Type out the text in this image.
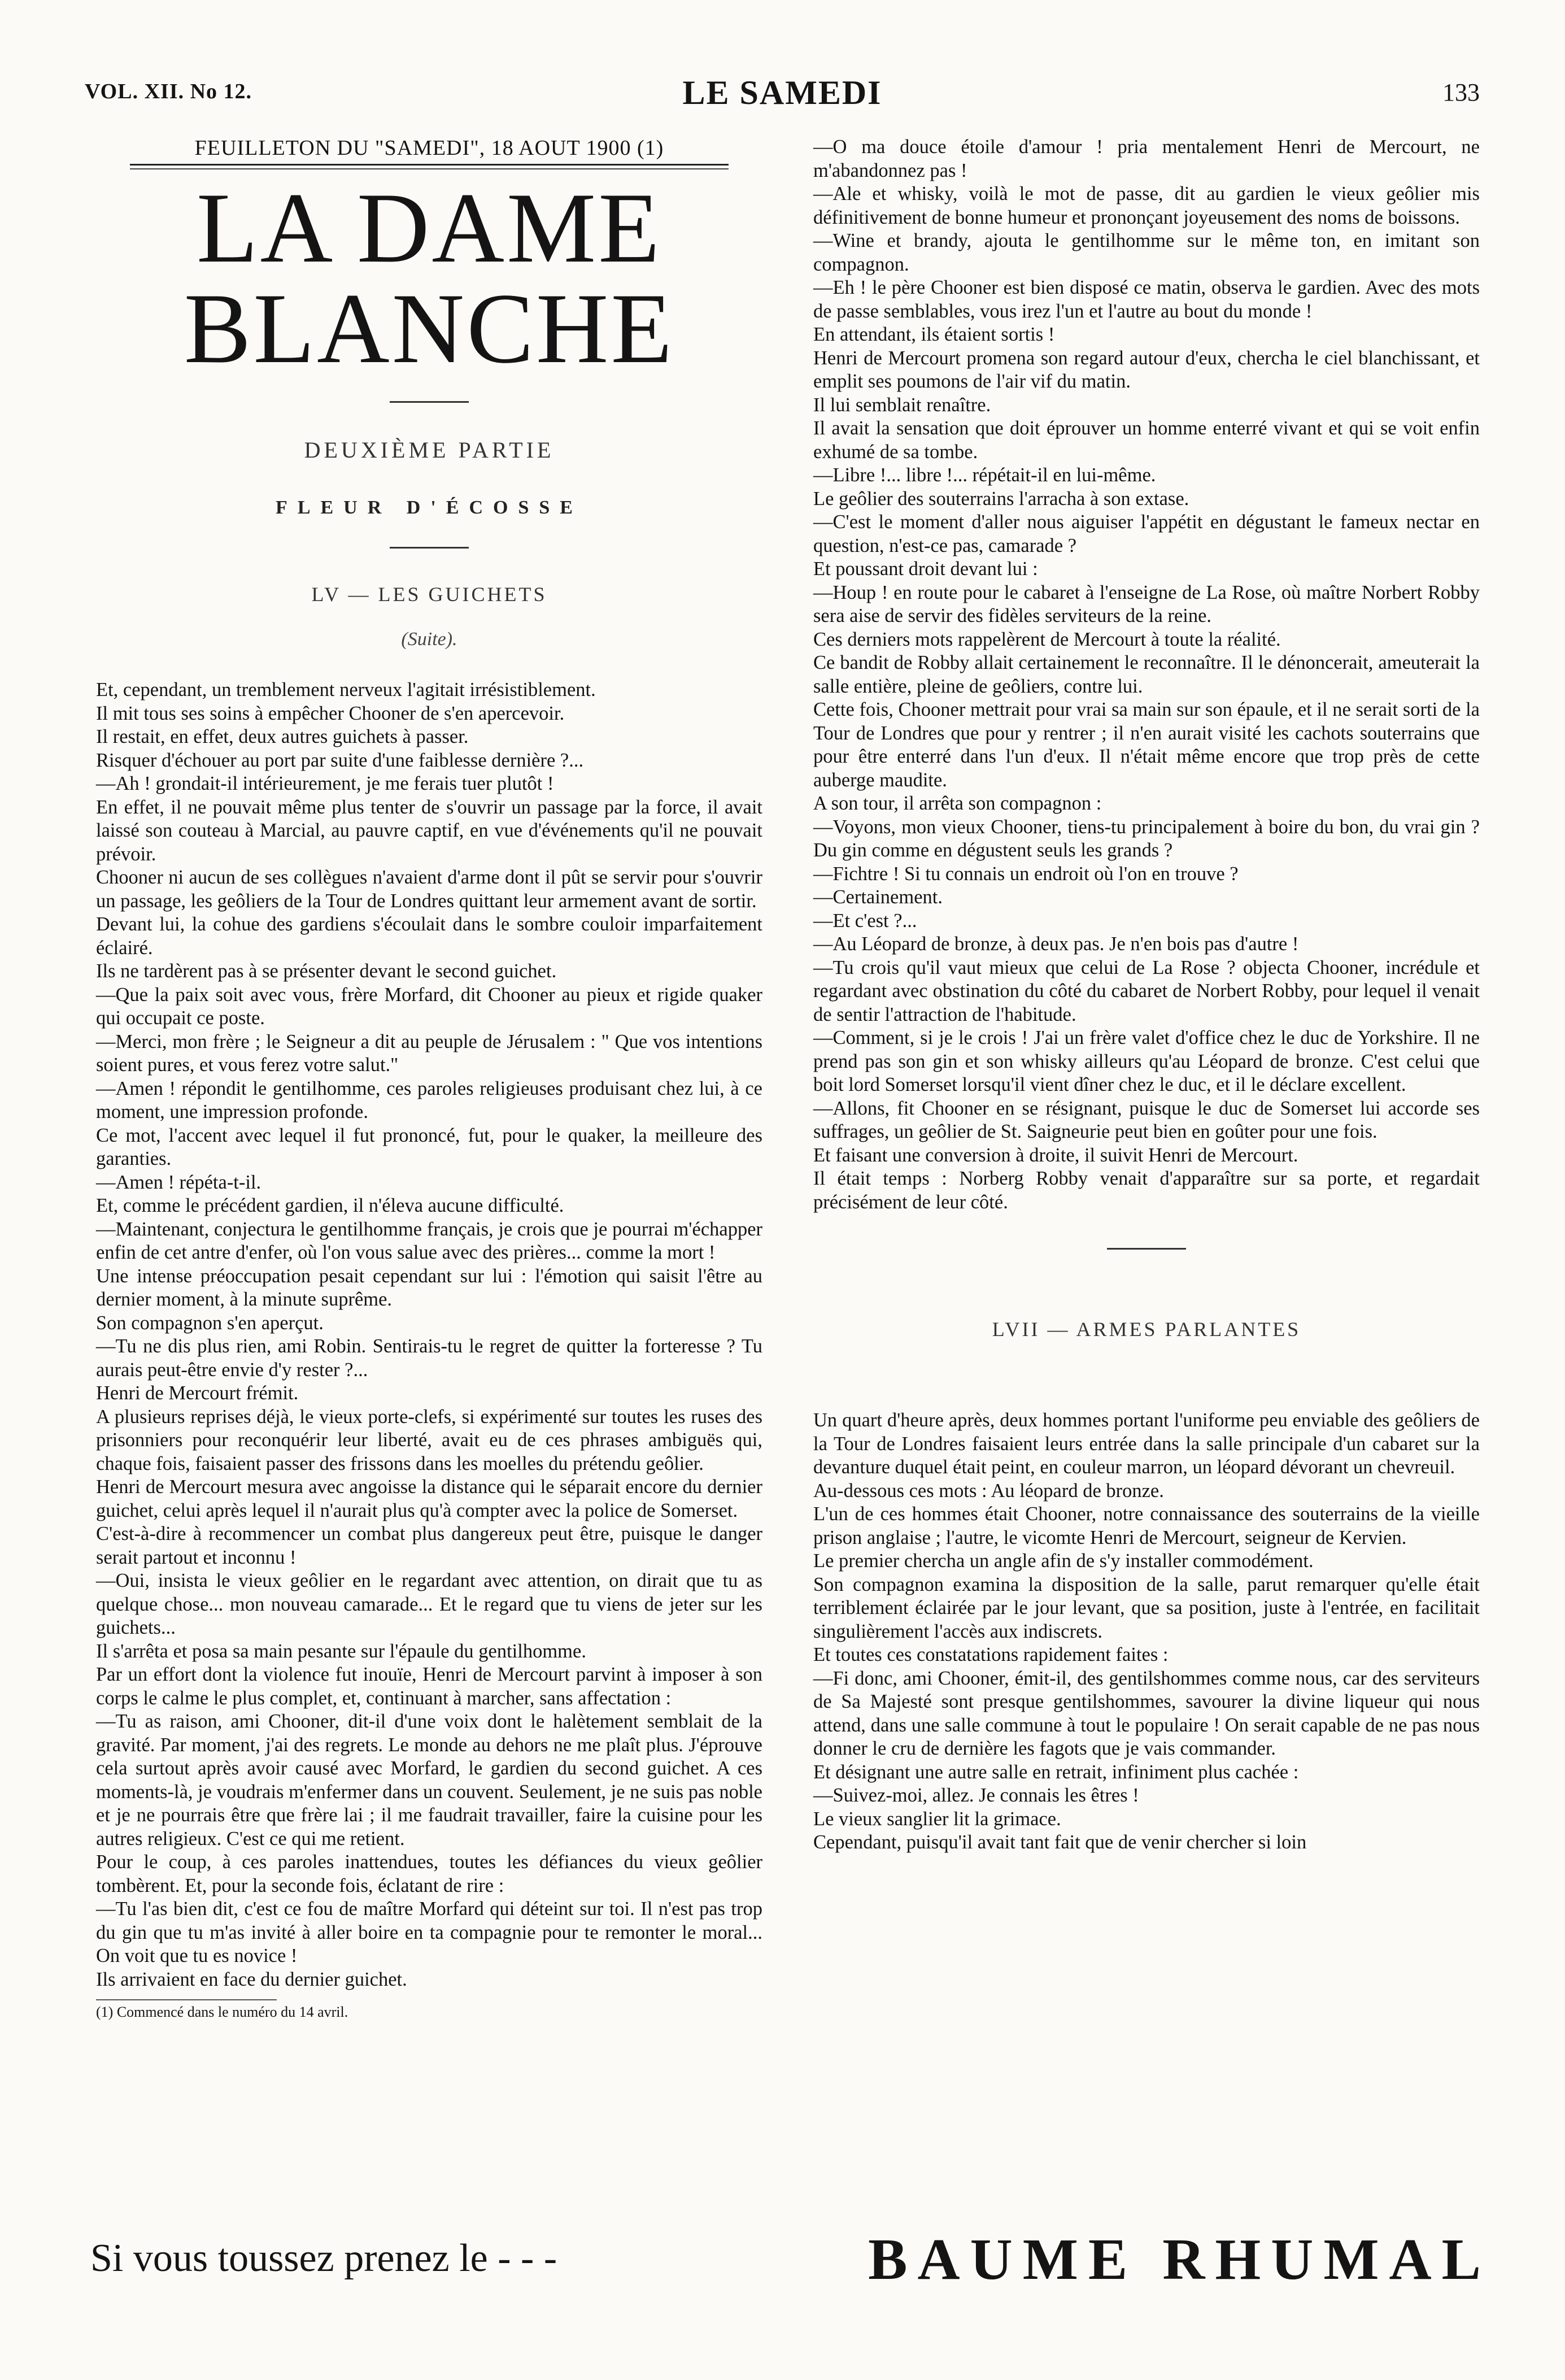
VOL. XII. No 12.	LE SAMEDI	133
FEUILLETON DU "SAMEDI", 18 AOUT 1900 (1)
LA DAME BLANCHE
DEUXIÈME PARTIE
FLEUR D'ÉCOSSE
LV — LES GUICHETS
(Suite).

Et, cependant, un tremblement nerveux l'agitait irrésistiblement.

Il mit tous ses soins à empêcher Chooner de s'en apercevoir.

Il restait, en effet, deux autres guichets à passer.

Risquer d'échouer au port par suite d'une faiblesse dernière ?...

—Ah ! grondait-il intérieurement, je me ferais tuer plutôt !

En effet, il ne pouvait même plus tenter de s'ouvrir un passage par la force, il avait laissé son couteau à Marcial, au pauvre captif, en vue d'événements qu'il ne pouvait prévoir.

Chooner ni aucun de ses collègues n'avaient d'arme dont il pût se servir pour s'ouvrir un passage, les geôliers de la Tour de Londres quittant leur armement avant de sortir.

Devant lui, la cohue des gardiens s'écoulait dans le sombre couloir imparfaitement éclairé.

Ils ne tardèrent pas à se présenter devant le second guichet.

—Que la paix soit avec vous, frère Morfard, dit Chooner au pieux et rigide quaker qui occupait ce poste.

—Merci, mon frère ; le Seigneur a dit au peuple de Jérusalem : " Que vos intentions soient pures, et vous ferez votre salut."

—Amen ! répondit le gentilhomme, ces paroles religieuses produisant chez lui, à ce moment, une impression profonde.

Ce mot, l'accent avec lequel il fut prononcé, fut, pour le quaker, la meilleure des garanties.

—Amen ! répéta-t-il.

Et, comme le précédent gardien, il n'éleva aucune difficulté.

—Maintenant, conjectura le gentilhomme français, je crois que je pourrai m'échapper enfin de cet antre d'enfer, où l'on vous salue avec des prières... comme la mort !

Une intense préoccupation pesait cependant sur lui : l'émotion qui saisit l'être au dernier moment, à la minute suprême.

Son compagnon s'en aperçut.

—Tu ne dis plus rien, ami Robin. Sentirais-tu le regret de quitter la forteresse ? Tu aurais peut-être envie d'y rester ?...

Henri de Mercourt frémit.

A plusieurs reprises déjà, le vieux porte-clefs, si expérimenté sur toutes les ruses des prisonniers pour reconquérir leur liberté, avait eu de ces phrases ambiguës qui, chaque fois, faisaient passer des frissons dans les moelles du prétendu geôlier.

Henri de Mercourt mesura avec angoisse la distance qui le séparait encore du dernier guichet, celui après lequel il n'aurait plus qu'à compter avec la police de Somerset.

C'est-à-dire à recommencer un combat plus dangereux peut être, puisque le danger serait partout et inconnu !

—Oui, insista le vieux geôlier en le regardant avec attention, on dirait que tu as quelque chose... mon nouveau camarade... Et le regard que tu viens de jeter sur les guichets...

Il s'arrêta et posa sa main pesante sur l'épaule du gentilhomme.

Par un effort dont la violence fut inouïe, Henri de Mercourt parvint à imposer à son corps le calme le plus complet, et, continuant à marcher, sans affectation :

—Tu as raison, ami Chooner, dit-il d'une voix dont le halètement semblait de la gravité. Par moment, j'ai des regrets. Le monde au dehors ne me plaît plus. J'éprouve cela surtout après avoir causé avec Morfard, le gardien du second guichet. A ces moments-là, je voudrais m'enfermer dans un couvent. Seulement, je ne suis pas noble et je ne pourrais être que frère lai ; il me faudrait travailler, faire la cuisine pour les autres religieux. C'est ce qui me retient.

Pour le coup, à ces paroles inattendues, toutes les défiances du vieux geôlier tombèrent. Et, pour la seconde fois, éclatant de rire :

—Tu l'as bien dit, c'est ce fou de maître Morfard qui déteint sur toi. Il n'est pas trop du gin que tu m'as invité à aller boire en ta compagnie pour te remonter le moral... On voit que tu es novice !

Ils arrivaient en face du dernier guichet.

(1) Commencé dans le numéro du 14 avril.

—O ma douce étoile d'amour ! pria mentalement Henri de Mercourt, ne m'abandonnez pas !

—Ale et whisky, voilà le mot de passe, dit au gardien le vieux geôlier mis définitivement de bonne humeur et prononçant joyeusement des noms de boissons.

—Wine et brandy, ajouta le gentilhomme sur le même ton, en imitant son compagnon.

—Eh ! le père Chooner est bien disposé ce matin, observa le gardien. Avec des mots de passe semblables, vous irez l'un et l'autre au bout du monde !

En attendant, ils étaient sortis !

Henri de Mercourt promena son regard autour d'eux, chercha le ciel blanchissant, et emplit ses poumons de l'air vif du matin.

Il lui semblait renaître.

Il avait la sensation que doit éprouver un homme enterré vivant et qui se voit enfin exhumé de sa tombe.

—Libre !... libre !... répétait-il en lui-même.

Le geôlier des souterrains l'arracha à son extase.

—C'est le moment d'aller nous aiguiser l'appétit en dégustant le fameux nectar en question, n'est-ce pas, camarade ?

Et poussant droit devant lui :

—Houp ! en route pour le cabaret à l'enseigne de La Rose, où maître Norbert Robby sera aise de servir des fidèles serviteurs de la reine.

Ces derniers mots rappelèrent de Mercourt à toute la réalité.

Ce bandit de Robby allait certainement le reconnaître. Il le dénoncerait, ameuterait la salle entière, pleine de geôliers, contre lui.

Cette fois, Chooner mettrait pour vrai sa main sur son épaule, et il ne serait sorti de la Tour de Londres que pour y rentrer ; il n'en aurait visité les cachots souterrains que pour être enterré dans l'un d'eux. Il n'était même encore que trop près de cette auberge maudite.

A son tour, il arrêta son compagnon :

—Voyons, mon vieux Chooner, tiens-tu principalement à boire du bon, du vrai gin ? Du gin comme en dégustent seuls les grands ?

—Fichtre ! Si tu connais un endroit où l'on en trouve ?

—Certainement.

—Et c'est ?...

—Au Léopard de bronze, à deux pas. Je n'en bois pas d'autre !

—Tu crois qu'il vaut mieux que celui de La Rose ? objecta Chooner, incrédule et regardant avec obstination du côté du cabaret de Norbert Robby, pour lequel il venait de sentir l'attraction de l'habitude.

—Comment, si je le crois ! J'ai un frère valet d'office chez le duc de Yorkshire. Il ne prend pas son gin et son whisky ailleurs qu'au Léopard de bronze. C'est celui que boit lord Somerset lorsqu'il vient dîner chez le duc, et il le déclare excellent.

—Allons, fit Chooner en se résignant, puisque le duc de Somerset lui accorde ses suffrages, un geôlier de St. Saigneurie peut bien en goûter pour une fois.

Et faisant une conversion à droite, il suivit Henri de Mercourt.

Il était temps : Norberg Robby venait d'apparaître sur sa porte, et regardait précisément de leur côté.

LVII — ARMES PARLANTES

Un quart d'heure après, deux hommes portant l'uniforme peu enviable des geôliers de la Tour de Londres faisaient leurs entrée dans la salle principale d'un cabaret sur la devanture duquel était peint, en couleur marron, un léopard dévorant un chevreuil.

Au-dessous ces mots : Au léopard de bronze.

L'un de ces hommes était Chooner, notre connaissance des souterrains de la vieille prison anglaise ; l'autre, le vicomte Henri de Mercourt, seigneur de Kervien.

Le premier chercha un angle afin de s'y installer commodément.

Son compagnon examina la disposition de la salle, parut remarquer qu'elle était terriblement éclairée par le jour levant, que sa position, juste à l'entrée, en facilitait singulièrement l'accès aux indiscrets.

Et toutes ces constatations rapidement faites :

—Fi donc, ami Chooner, émit-il, des gentilshommes comme nous, car des serviteurs de Sa Majesté sont presque gentilshommes, savourer la divine liqueur qui nous attend, dans une salle commune à tout le populaire ! On serait capable de ne pas nous donner le cru de dernière les fagots que je vais commander.

Et désignant une autre salle en retrait, infiniment plus cachée :

—Suivez-moi, allez. Je connais les êtres !

Le vieux sanglier lit la grimace.

Cependant, puisqu'il avait tant fait que de venir chercher si loin

Si vous toussez prenez le - - -	BAUME RHUMAL
